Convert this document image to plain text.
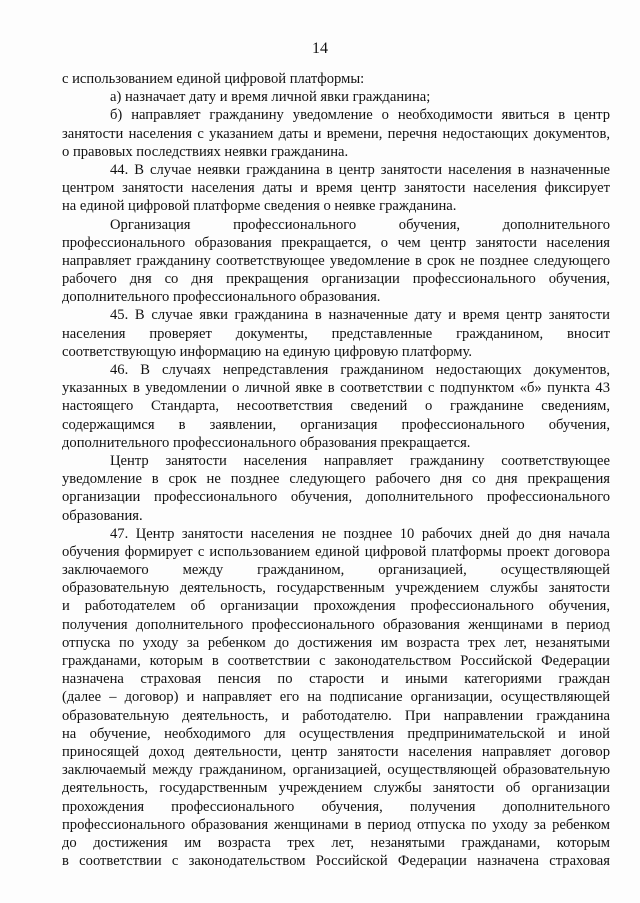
14
с использованием единой цифровой платформы:
а) назначает дату и время личной явки гражданина;
б) направляет гражданину уведомление о необходимости явиться в центр
занятости населения с указанием даты и времени, перечня недостающих документов,
о правовых последствиях неявки гражданина.
44. В случае неявки гражданина в центр занятости населения в назначенные
центром занятости населения даты и время центр занятости населения фиксирует
на единой цифровой платформе сведения о неявке гражданина.
Организация профессионального обучения, дополнительного
профессионального образования прекращается, о чем центр занятости населения
направляет гражданину соответствующее уведомление в срок не позднее следующего
рабочего дня со дня прекращения организации профессионального обучения,
дополнительного профессионального образования.
45. В случае явки гражданина в назначенные дату и время центр занятости
населения проверяет документы, представленные гражданином, вносит
соответствующую информацию на единую цифровую платформу.
46. В случаях непредставления гражданином недостающих документов,
указанных в уведомлении о личной явке в соответствии с подпунктом «б» пункта 43
настоящего Стандарта, несоответствия сведений о гражданине сведениям,
содержащимся в заявлении, организация профессионального обучения,
дополнительного профессионального образования прекращается.
Центр занятости населения направляет гражданину соответствующее
уведомление в срок не позднее следующего рабочего дня со дня прекращения
организации профессионального обучения, дополнительного профессионального
образования.
47. Центр занятости населения не позднее 10 рабочих дней до дня начала
обучения формирует с использованием единой цифровой платформы проект договора
заключаемого между гражданином, организацией, осуществляющей
образовательную деятельность, государственным учреждением службы занятости
и работодателем об организации прохождения профессионального обучения,
получения дополнительного профессионального образования женщинами в период
отпуска по уходу за ребенком до достижения им возраста трех лет, незанятыми
гражданами, которым в соответствии с законодательством Российской Федерации
назначена страховая пенсия по старости и иными категориями граждан
(далее – договор) и направляет его на подписание организации, осуществляющей
образовательную деятельность, и работодателю. При направлении гражданина
на обучение, необходимого для осуществления предпринимательской и иной
приносящей доход деятельности, центр занятости населения направляет договор
заключаемый между гражданином, организацией, осуществляющей образовательную
деятельность, государственным учреждением службы занятости об организации
прохождения профессионального обучения, получения дополнительного
профессионального образования женщинами в период отпуска по уходу за ребенком
до достижения им возраста трех лет, незанятыми гражданами, которым
в соответствии с законодательством Российской Федерации назначена страховая
